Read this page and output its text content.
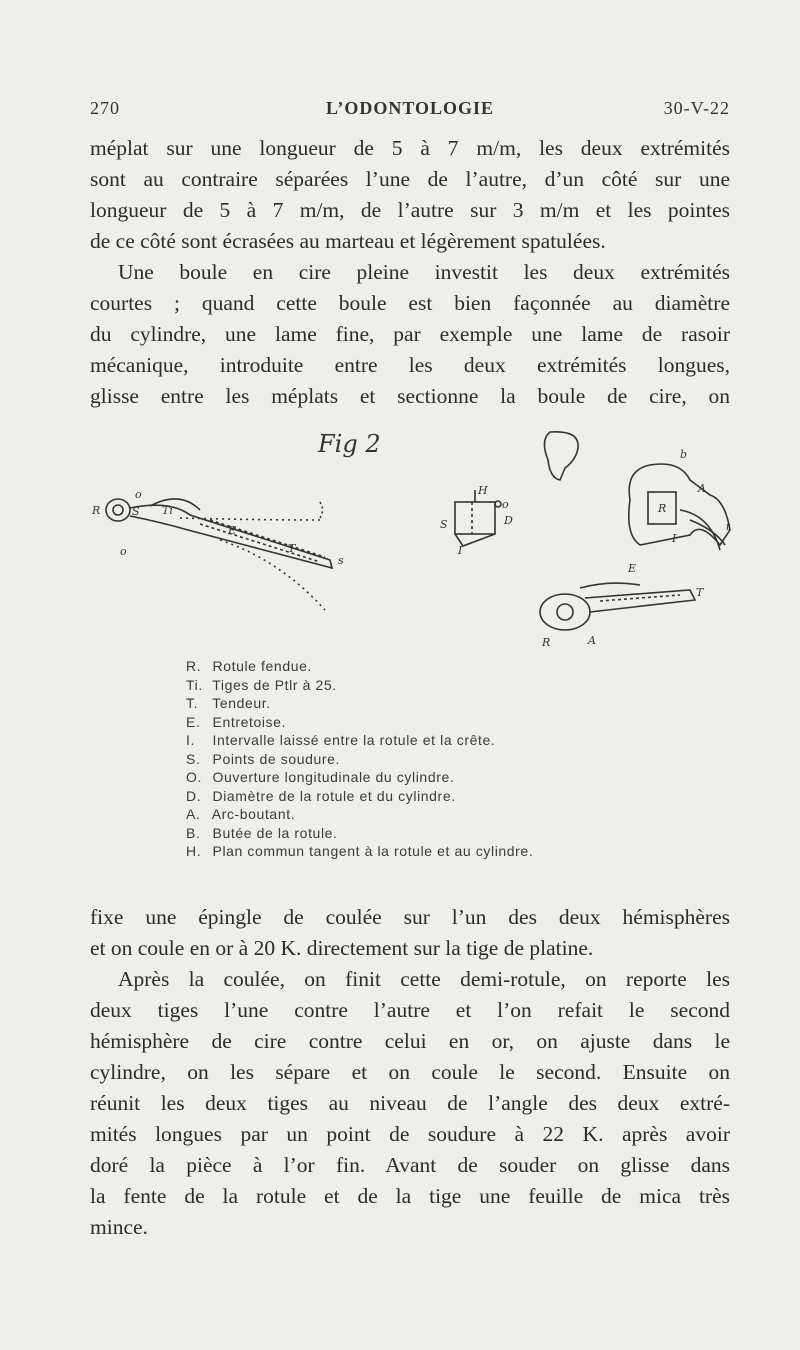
270	L’ODONTOLOGIE	30-V-22
méplat sur une longueur de 5 à 7 m/m, les deux extrémités
sont au contraire séparées l’une de l’autre, d’un côté sur une
longueur de 5 à 7 m/m, de l’autre sur 3 m/m et les pointes
de ce côté sont écrasées au marteau et légèrement spatulées.
Une boule en cire pleine investit les deux extrémités
courtes ; quand cette boule est bien façonnée au diamètre
du cylindre, une lame fine, par exemple une lame de rasoir
mécanique, introduite entre les deux extrémités longues,
glisse entre les méplats et sectionne la boule de cire, on
Fig 2
R	S Ti
E
T
o
o
s
H
S	D
o
I
R
A
I
t
b
E
T
R	A
R. Rotule fendue.
Ti. Tiges de Ptlr à 25.
T. Tendeur.
E. Entretoise.
I. Intervalle laissé entre la rotule et la crête.
S. Points de soudure.
O. Ouverture longitudinale du cylindre.
D. Diamètre de la rotule et du cylindre.
A. Arc-boutant.
B. Butée de la rotule.
H. Plan commun tangent à la rotule et au cylindre.
fixe une épingle de coulée sur l’un des deux hémisphères
et on coule en or à 20 K. directement sur la tige de platine.
Après la coulée, on finit cette demi-rotule, on reporte les
deux tiges l’une contre l’autre et l’on refait le second
hémisphère de cire contre celui en or, on ajuste dans le
cylindre, on les sépare et on coule le second. Ensuite on
réunit les deux tiges au niveau de l’angle des deux extré-
mités longues par un point de soudure à 22 K. après avoir
doré la pièce à l’or fin. Avant de souder on glisse dans
la fente de la rotule et de la tige une feuille de mica très
mince.
